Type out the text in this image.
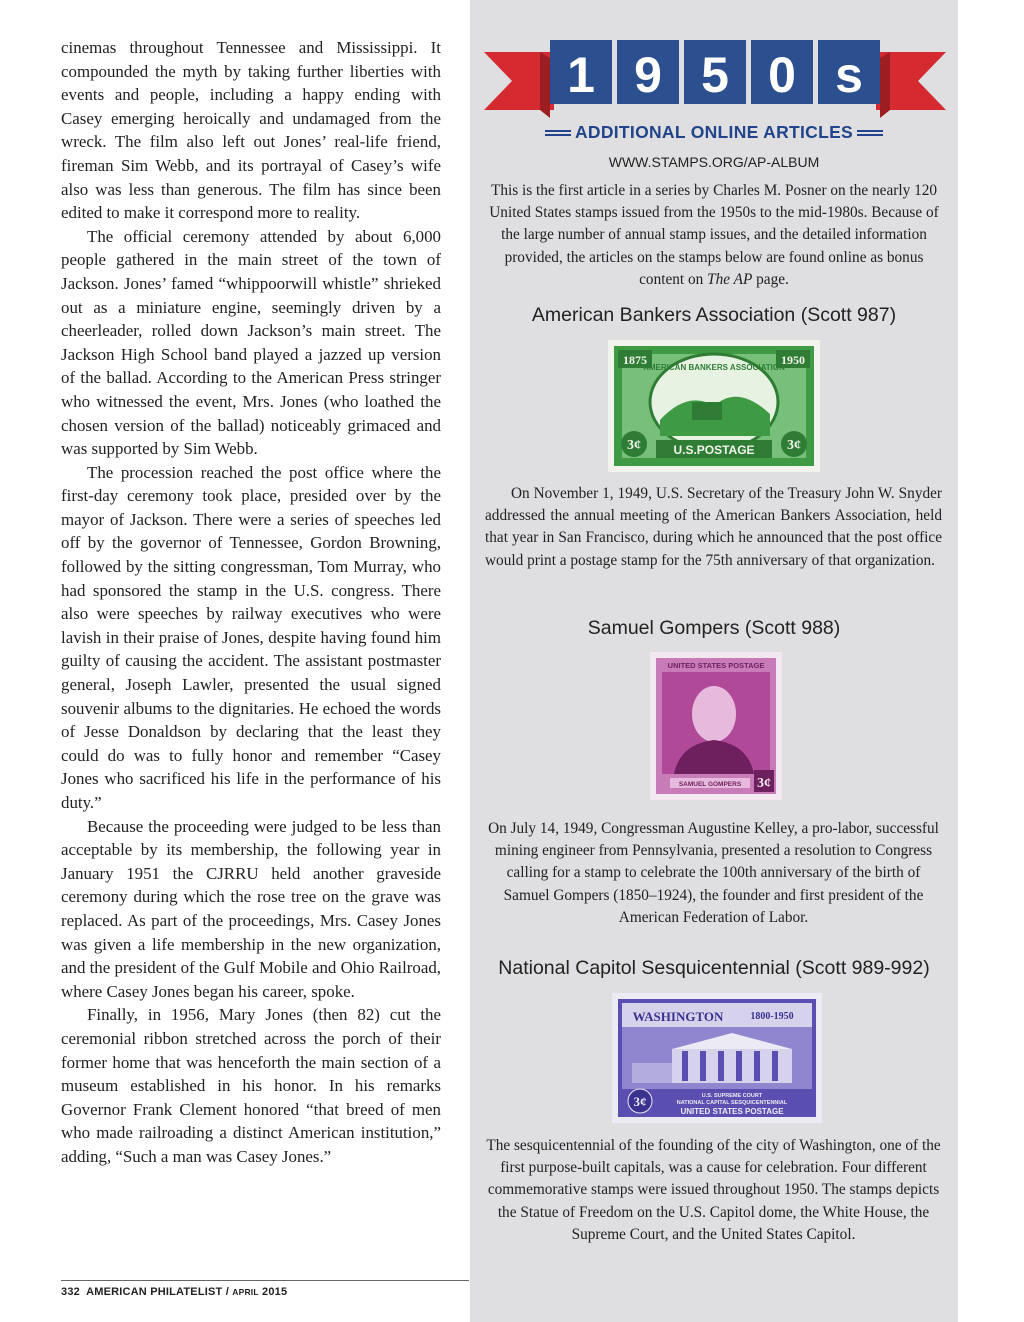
cinemas throughout Tennessee and Mississippi. It compounded the myth by taking further liberties with events and people, including a happy ending with Casey emerging heroically and undamaged from the wreck. The film also left out Jones’ real-life friend, fireman Sim Webb, and its portrayal of Casey’s wife also was less than generous. The film has since been edited to make it correspond more to reality.

The official ceremony attended by about 6,000 people gathered in the main street of the town of Jackson. Jones’ famed “whippoorwill whistle” shrieked out as a miniature engine, seemingly driven by a cheerleader, rolled down Jackson’s main street. The Jackson High School band played a jazzed up version of the ballad. According to the American Press stringer who witnessed the event, Mrs. Jones (who loathed the chosen version of the ballad) noticeably grimaced and was supported by Sim Webb.

The procession reached the post office where the first-day ceremony took place, presided over by the mayor of Jackson. There were a series of speeches led off by the governor of Tennessee, Gordon Browning, followed by the sitting congressman, Tom Murray, who had sponsored the stamp in the U.S. congress. There also were speeches by railway executives who were lavish in their praise of Jones, despite having found him guilty of causing the accident. The assistant postmaster general, Joseph Lawler, presented the usual signed souvenir albums to the dignitaries. He echoed the words of Jesse Donaldson by declaring that the least they could do was to fully honor and remember “Casey Jones who sacrificed his life in the performance of his duty.”

Because the proceeding were judged to be less than acceptable by its membership, the following year in January 1951 the CJRRU held another graveside ceremony during which the rose tree on the grave was replaced. As part of the proceedings, Mrs. Casey Jones was given a life membership in the new organization, and the president of the Gulf Mobile and Ohio Railroad, where Casey Jones began his career, spoke.

Finally, in 1956, Mary Jones (then 82) cut the ceremonial ribbon stretched across the porch of their former home that was henceforth the main section of a museum established in his honor. In his remarks Governor Frank Clement honored “that breed of men who made railroading a distinct American institution,” adding, “Such a man was Casey Jones.”

332 AMERICAN PHILATELIST / APRIL 2015
1 9 5 0 s
ADDITIONAL ONLINE ARTICLES
WWW.STAMPS.ORG/AP-ALBUM
This is the first article in a series by Charles M. Posner on the nearly 120 United States stamps issued from the 1950s to the mid-1980s. Because of the large number of annual stamp issues, and the detailed information provided, the articles on the stamps below are found online as bonus content on The AP page.
American Bankers Association (Scott 987)
1875	1950
AMERICAN BANKERS ASSOCIATION
U.S.POSTAGE
3¢	3¢
On November 1, 1949, U.S. Secretary of the Treasury John W. Snyder addressed the annual meeting of the American Bankers Association, held that year in San Francisco, during which he announced that the post office would print a postage stamp for the 75th anniversary of that organization.
Samuel Gompers (Scott 988)
UNITED STATES POSTAGE
SAMUEL GOMPERS 3¢
On July 14, 1949, Congressman Augustine Kelley, a pro-labor, successful mining engineer from Pennsylvania, presented a resolution to Congress calling for a stamp to celebrate the 100th anniversary of the birth of Samuel Gompers (1850–1924), the founder and first president of the American Federation of Labor.
National Capitol Sesquicentennial (Scott 989-992)
WASHINGTON	1800-1950
U.S. SUPREME COURT
NATIONAL CAPITAL SESQUICENTENNIAL
UNITED STATES POSTAGE
3¢
The sesquicentennial of the founding of the city of Washington, one of the first purpose-built capitals, was a cause for celebration. Four different commemorative stamps were issued throughout 1950. The stamps depicts the Statue of Freedom on the U.S. Capitol dome, the White House, the Supreme Court, and the United States Capitol.
